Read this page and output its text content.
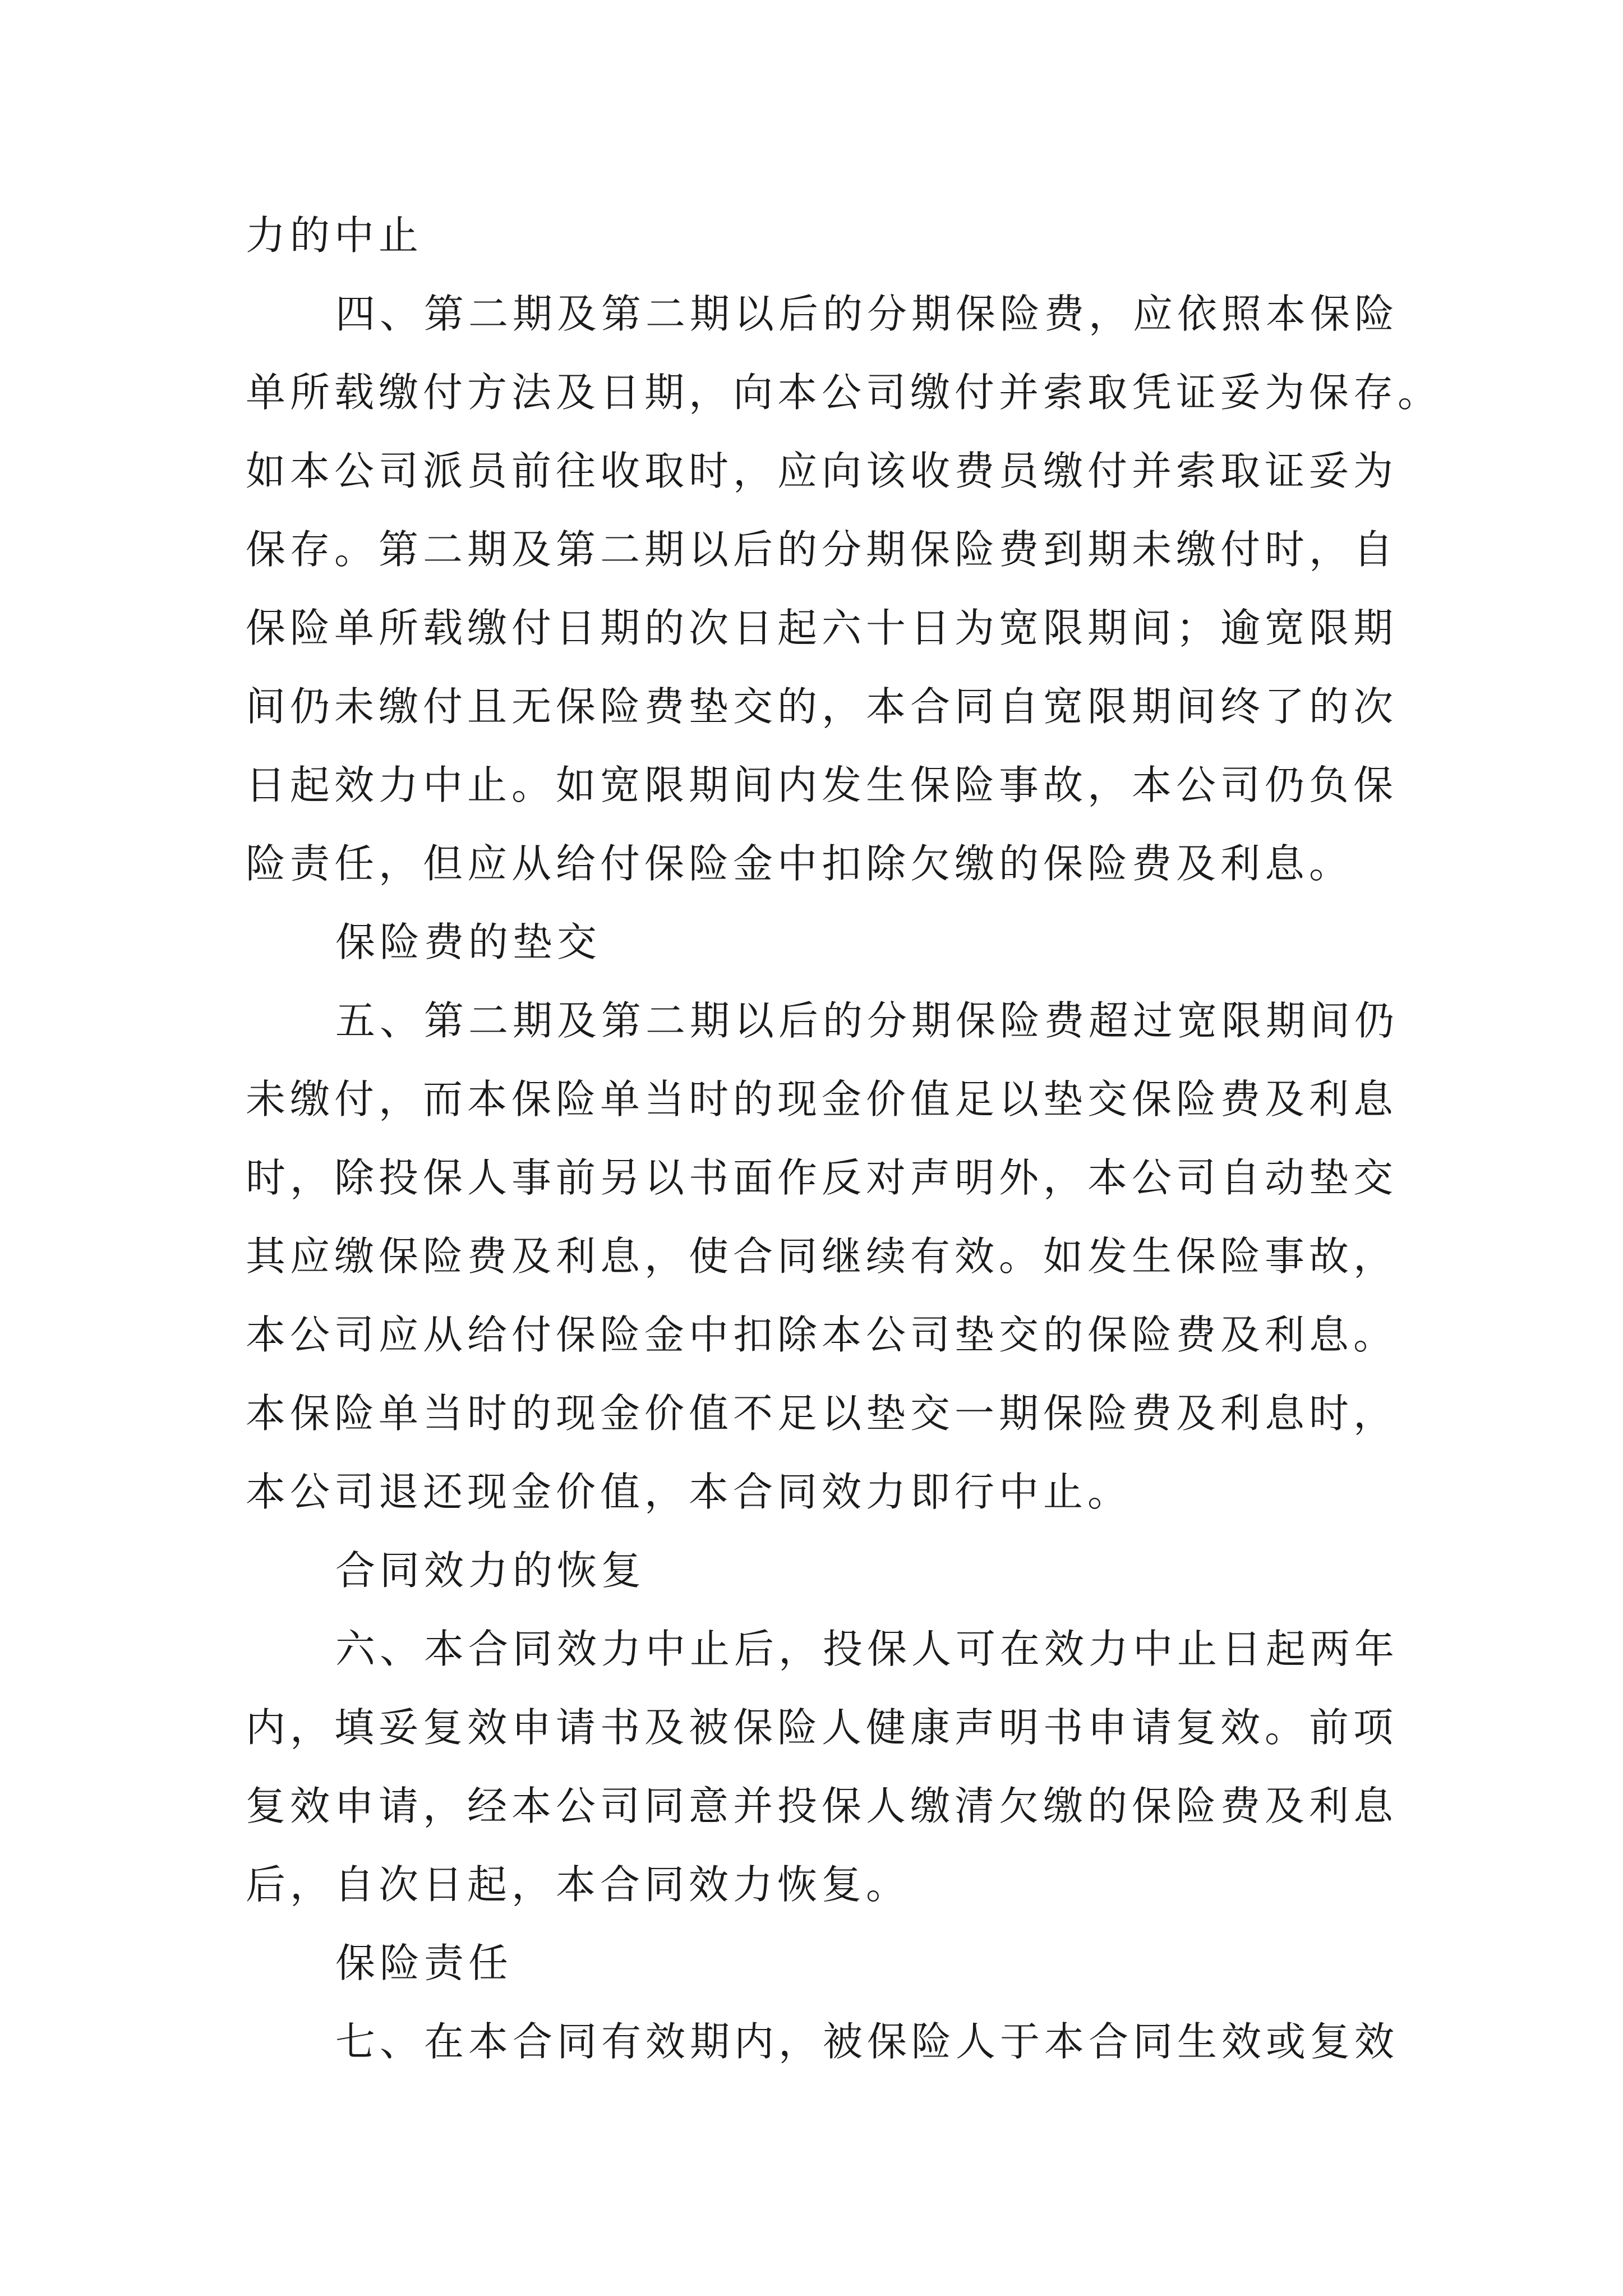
力的中止
四、第二期及第二期以后的分期保险费，应依照本保险
单所载缴付方法及日期，向本公司缴付并索取凭证妥为保存。
如本公司派员前往收取时，应向该收费员缴付并索取证妥为
保存。第二期及第二期以后的分期保险费到期未缴付时，自
保险单所载缴付日期的次日起六十日为宽限期间；逾宽限期
间仍未缴付且无保险费垫交的，本合同自宽限期间终了的次
日起效力中止。如宽限期间内发生保险事故，本公司仍负保
险责任，但应从给付保险金中扣除欠缴的保险费及利息。
保险费的垫交
五、第二期及第二期以后的分期保险费超过宽限期间仍
未缴付，而本保险单当时的现金价值足以垫交保险费及利息
时，除投保人事前另以书面作反对声明外，本公司自动垫交
其应缴保险费及利息，使合同继续有效。如发生保险事故，
本公司应从给付保险金中扣除本公司垫交的保险费及利息。
本保险单当时的现金价值不足以垫交一期保险费及利息时，
本公司退还现金价值，本合同效力即行中止。
合同效力的恢复
六、本合同效力中止后，投保人可在效力中止日起两年
内，填妥复效申请书及被保险人健康声明书申请复效。前项
复效申请，经本公司同意并投保人缴清欠缴的保险费及利息
后，自次日起，本合同效力恢复。
保险责任
七、在本合同有效期内，被保险人于本合同生效或复效
